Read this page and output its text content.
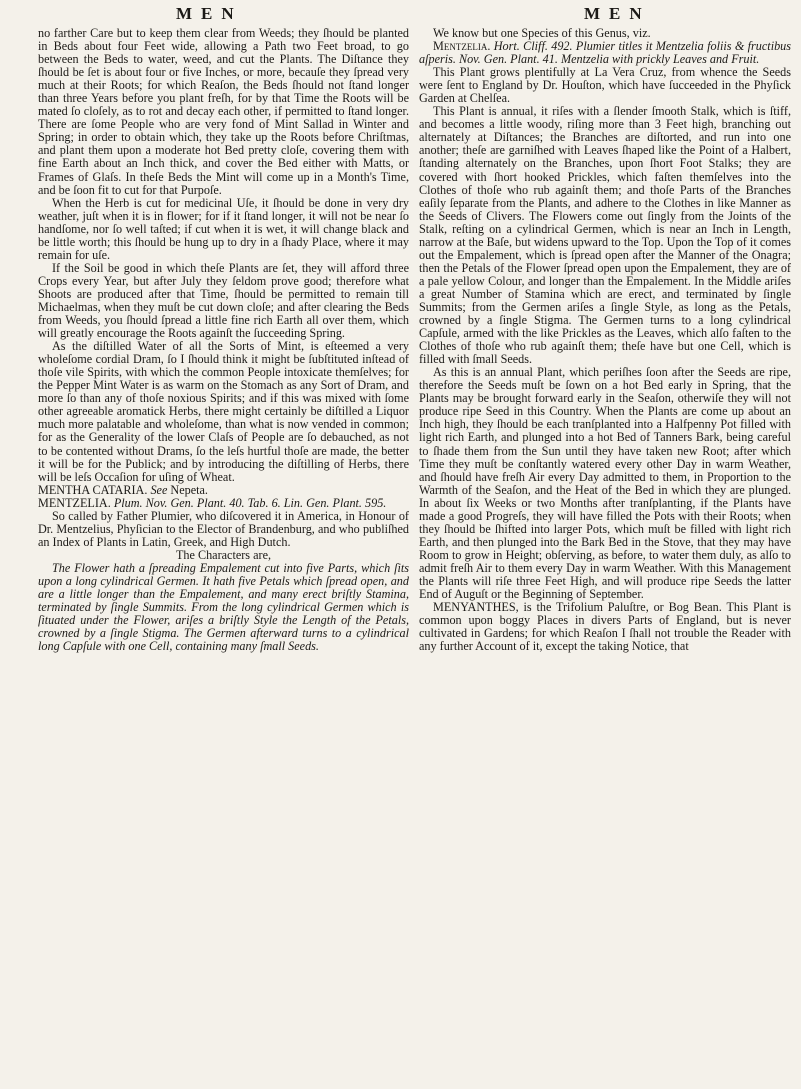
MEN	MEN

no farther Care but to keep them clear from Weeds; they ſhould be planted in Beds about four Feet wide, allowing a Path two Feet broad, to go between the Beds to water, weed, and cut the Plants. The Diſtance they ſhould be ſet is about four or five Inches, or more, becauſe they ſpread very much at their Roots; for which Reaſon, the Beds ſhould not ſtand longer than three Years before you plant freſh, for by that Time the Roots will be mated ſo cloſely, as to rot and decay each other, if permitted to ſtand longer. There are ſome People who are very fond of Mint Sallad in Winter and Spring; in order to obtain which, they take up the Roots before Chriſtmas, and plant them upon a moderate hot Bed pretty cloſe, covering them with fine Earth about an Inch thick, and cover the Bed either with Matts, or Frames of Glaſs. In theſe Beds the Mint will come up in a Month's Time, and be ſoon fit to cut for that Purpoſe.

When the Herb is cut for medicinal Uſe, it ſhould be done in very dry weather, juſt when it is in flower; for if it ſtand longer, it will not be near ſo handſome, nor ſo well taſted; if cut when it is wet, it will change black and be little worth; this ſhould be hung up to dry in a ſhady Place, where it may remain for uſe.

If the Soil be good in which theſe Plants are ſet, they will afford three Crops every Year, but after July they ſeldom prove good; therefore what Shoots are produced after that Time, ſhould be permitted to remain till Michaelmas, when they muſt be cut down cloſe; and after clearing the Beds from Weeds, you ſhould ſpread a little fine rich Earth all over them, which will greatly encourage the Roots againſt the ſucceeding Spring.

As the diſtilled Water of all the Sorts of Mint, is eſteemed a very wholeſome cordial Dram, ſo I ſhould think it might be ſubſtituted inſtead of thoſe vile Spirits, with which the common People intoxicate themſelves; for the Pepper Mint Water is as warm on the Stomach as any Sort of Dram, and more ſo than any of thoſe noxious Spirits; and if this was mixed with ſome other agreeable aromatick Herbs, there might certainly be diſtilled a Liquor much more palatable and wholeſome, than what is now vended in common; for as the Generality of the lower Claſs of People are ſo debauched, as not to be contented without Drams, ſo the leſs hurtful thoſe are made, the better it will be for the Publick; and by introducing the diſtilling of Herbs, there will be leſs Occaſion for uſing of Wheat.

MENTHA CATARIA. See Nepeta.

MENTZELIA. Plum. Nov. Gen. Plant. 40. Tab. 6. Lin. Gen. Plant. 595.

So called by Father Plumier, who diſcovered it in America, in Honour of Dr. Mentzelius, Phyſician to the Elector of Brandenburg, and who publiſhed an Index of Plants in Latin, Greek, and High Dutch.

The Characters are,

The Flower hath a ſpreading Empalement cut into five Parts, which ſits upon a long cylindrical Germen. It hath five Petals which ſpread open, and are a little longer than the Empalement, and many erect briſtly Stamina, terminated by ſingle Summits. From the long cylindrical Germen which is ſituated under the Flower, ariſes a briſtly Style the Length of the Petals, crowned by a ſingle Stigma. The Germen afterward turns to a cylindrical long Capſule with one Cell, containing many ſmall Seeds.

We know but one Species of this Genus, viz.

Mentzelia. Hort. Cliff. 492. Plumier titles it Mentzelia foliis & fructibus aſperis. Nov. Gen. Plant. 41. Mentzelia with prickly Leaves and Fruit.

This Plant grows plentifully at La Vera Cruz, from whence the Seeds were ſent to England by Dr. Houſton, which have ſucceeded in the Phyſick Garden at Chelſea.

This Plant is annual, it riſes with a ſlender ſmooth Stalk, which is ſtiff, and becomes a little woody, riſing more than 3 Feet high, branching out alternately at Diſtances; the Branches are diſtorted, and run into one another; theſe are garniſhed with Leaves ſhaped like the Point of a Halbert, ſtanding alternately on the Branches, upon ſhort Foot Stalks; they are covered with ſhort hooked Prickles, which faſten themſelves into the Clothes of thoſe who rub againſt them; and thoſe Parts of the Branches eaſily ſeparate from the Plants, and adhere to the Clothes in like Manner as the Seeds of Clivers. The Flowers come out ſingly from the Joints of the Stalk, reſting on a cylindrical Germen, which is near an Inch in Length, narrow at the Baſe, but widens upward to the Top. Upon the Top of it comes out the Empalement, which is ſpread open after the Manner of the Onagra; then the Petals of the Flower ſpread open upon the Empalement, they are of a pale yellow Colour, and longer than the Empalement. In the Middle ariſes a great Number of Stamina which are erect, and terminated by ſingle Summits; from the Germen ariſes a ſingle Style, as long as the Petals, crowned by a ſingle Stigma. The Germen turns to a long cylindrical Capſule, armed with the like Prickles as the Leaves, which alſo faſten to the Clothes of thoſe who rub againſt them; theſe have but one Cell, which is filled with ſmall Seeds.

As this is an annual Plant, which periſhes ſoon after the Seeds are ripe, therefore the Seeds muſt be ſown on a hot Bed early in Spring, that the Plants may be brought forward early in the Seaſon, otherwiſe they will not produce ripe Seed in this Country. When the Plants are come up about an Inch high, they ſhould be each tranſplanted into a Halfpenny Pot filled with light rich Earth, and plunged into a hot Bed of Tanners Bark, being careful to ſhade them from the Sun until they have taken new Root; after which Time they muſt be conſtantly watered every other Day in warm Weather, and ſhould have freſh Air every Day admitted to them, in Proportion to the Warmth of the Seaſon, and the Heat of the Bed in which they are plunged. In about ſix Weeks or two Months after tranſplanting, if the Plants have made a good Progreſs, they will have filled the Pots with their Roots; when they ſhould be ſhifted into larger Pots, which muſt be filled with light rich Earth, and then plunged into the Bark Bed in the Stove, that they may have Room to grow in Height; obſerving, as before, to water them duly, as alſo to admit freſh Air to them every Day in warm Weather. With this Management the Plants will riſe three Feet High, and will produce ripe Seeds the latter End of Auguſt or the Beginning of September.

MENYANTHES, is the Trifolium Paluſtre, or Bog Bean. This Plant is common upon boggy Places in divers Parts of England, but is never cultivated in Gardens; for which Reaſon I ſhall not trouble the Reader with any further Account of it, except the taking Notice, that
